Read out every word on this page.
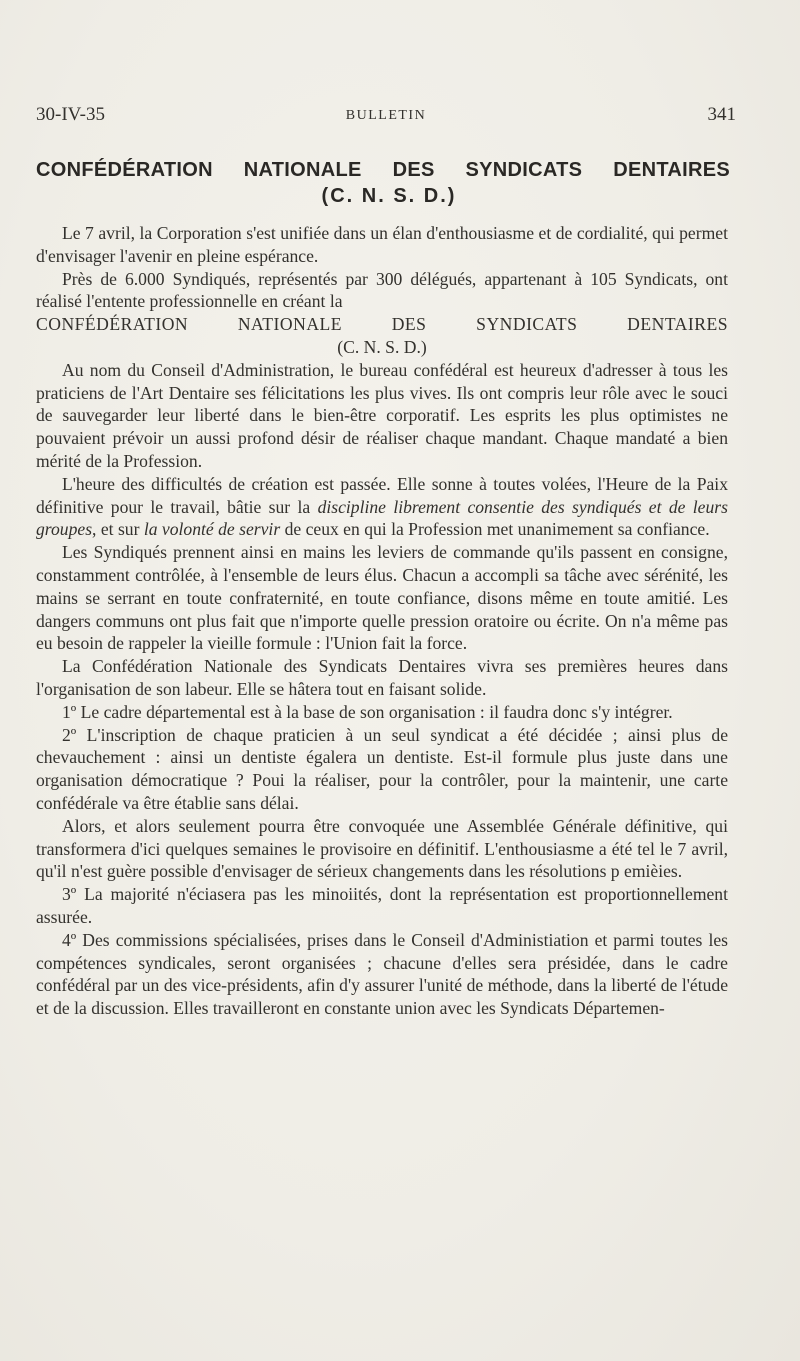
30-IV-35	BULLETIN	341
CONFÉDÉRATION NATIONALE DES SYNDICATS DENTAIRES
(C. N. S. D.)

Le 7 avril, la Corporation s'est unifiée dans un élan d'enthousiasme et de cordialité, qui permet d'envisager l'avenir en pleine espérance.

Près de 6.000 Syndiqués, représentés par 300 délégués, appartenant à 105 Syndicats, ont réalisé l'entente professionnelle en créant la

CONFÉDÉRATION NATIONALE DES SYNDICATS DENTAIRES

(C. N. S. D.)

Au nom du Conseil d'Administration, le bureau confédéral est heureux d'adresser à tous les praticiens de l'Art Dentaire ses félicitations les plus vives. Ils ont compris leur rôle avec le souci de sauvegarder leur liberté dans le bien-être corporatif. Les esprits les plus optimistes ne pouvaient prévoir un aussi profond désir de réaliser chaque mandant. Chaque mandaté a bien mérité de la Profession.

L'heure des difficultés de création est passée. Elle sonne à toutes volées, l'Heure de la Paix définitive pour le travail, bâtie sur la discipline librement consentie des syndiqués et de leurs groupes, et sur la volonté de servir de ceux en qui la Profession met unanimement sa confiance.

Les Syndiqués prennent ainsi en mains les leviers de commande qu'ils passent en consigne, constamment contrôlée, à l'ensemble de leurs élus. Chacun a accompli sa tâche avec sérénité, les mains se serrant en toute confraternité, en toute confiance, disons même en toute amitié. Les dangers communs ont plus fait que n'importe quelle pression oratoire ou écrite. On n'a même pas eu besoin de rappeler la vieille formule : l'Union fait la force.

La Confédération Nationale des Syndicats Dentaires vivra ses premières heures dans l'organisation de son labeur. Elle se hâtera tout en faisant solide.

1º Le cadre départemental est à la base de son organisation : il faudra donc s'y intégrer.

2º L'inscription de chaque praticien à un seul syndicat a été décidée ; ainsi plus de chevauchement : ainsi un dentiste égalera un dentiste. Est-il formule plus juste dans une organisation démocratique ? Poui la réaliser, pour la contrôler, pour la maintenir, une carte confédérale va être établie sans délai.

Alors, et alors seulement pourra être convoquée une Assemblée Générale définitive, qui transformera d'ici quelques semaines le provisoire en définitif. L'enthousiasme a été tel le 7 avril, qu'il n'est guère possible d'envisager de sérieux changements dans les résolutions p emièies.

3º La majorité n'éciasera pas les minoiités, dont la représentation est proportionnellement assurée.

4º Des commissions spécialisées, prises dans le Conseil d'Administiation et parmi toutes les compétences syndicales, seront organisées ; chacune d'elles sera présidée, dans le cadre confédéral par un des vice-présidents, afin d'y assurer l'unité de méthode, dans la liberté de l'étude et de la discussion. Elles travailleront en constante union avec les Syndicats Départemen-
